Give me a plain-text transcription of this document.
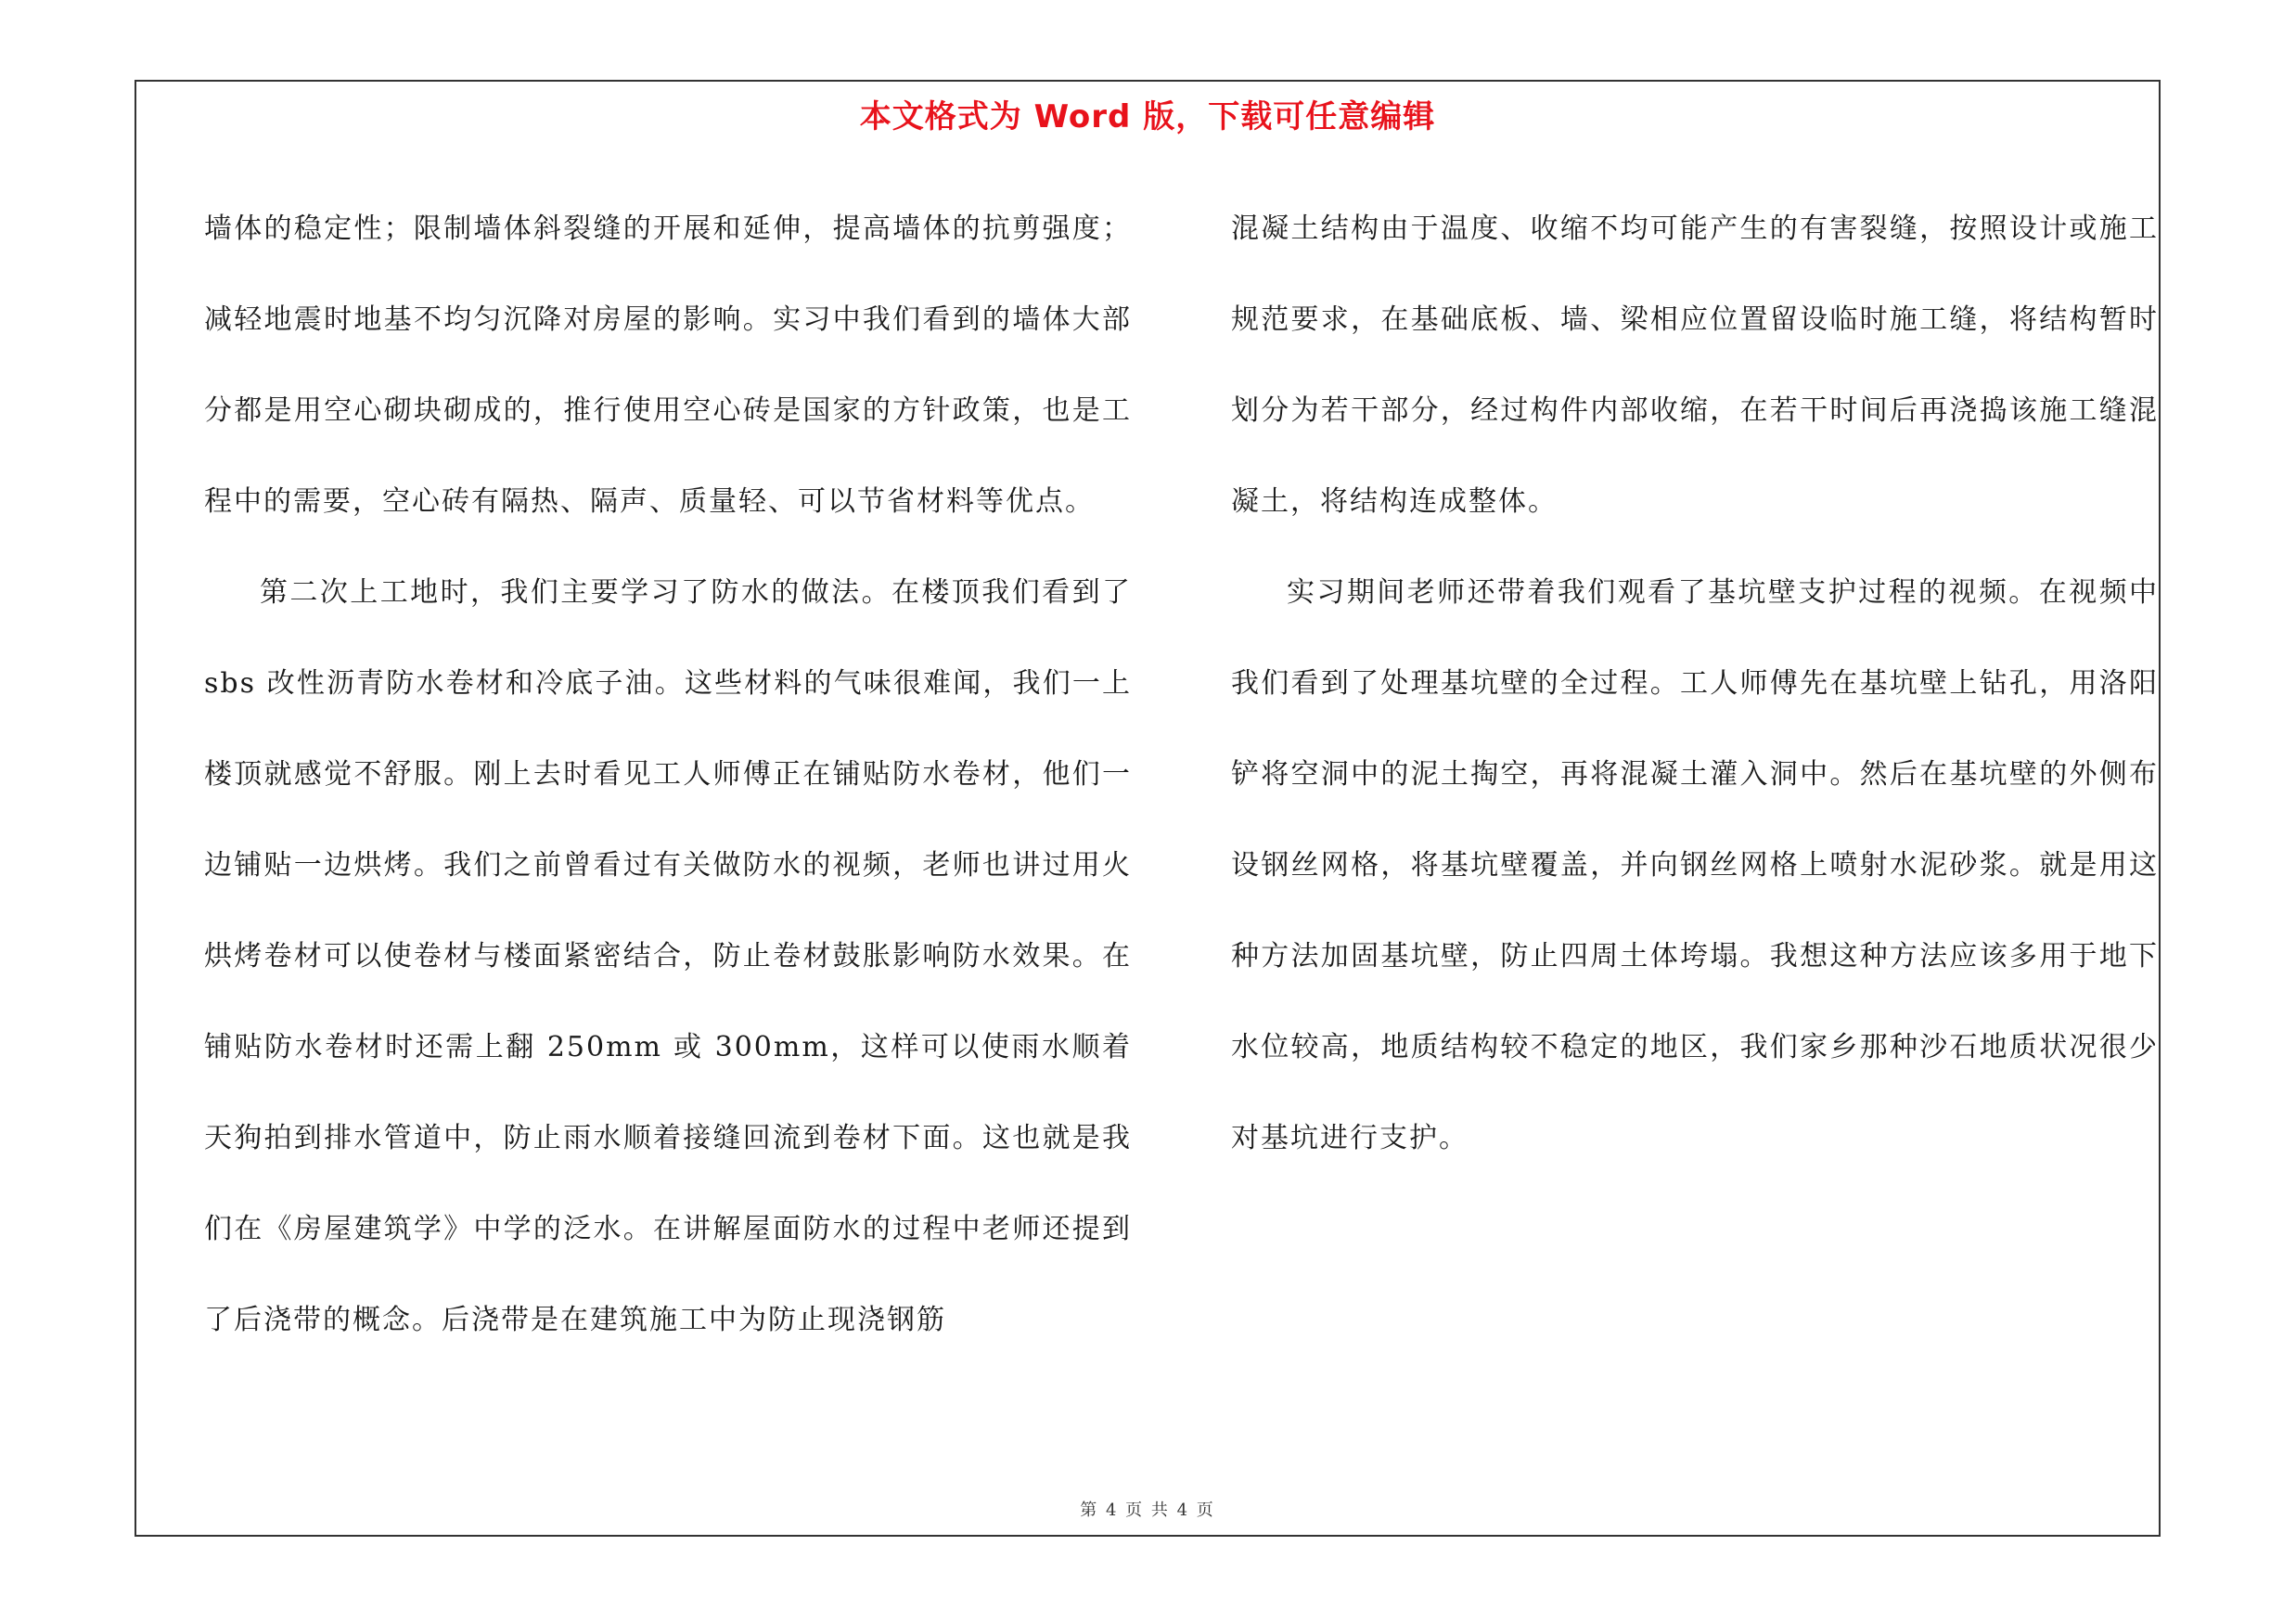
本文格式为 Word 版，下载可任意编辑

墙体的稳定性；限制墙体斜裂缝的开展和延伸，提高墙体的抗剪强度；减轻地震时地基不均匀沉降对房屋的影响。实习中我们看到的墙体大部分都是用空心砌块砌成的，推行使用空心砖是国家的方针政策，也是工程中的需要，空心砖有隔热、隔声、质量轻、可以节省材料等优点。

第二次上工地时，我们主要学习了防水的做法。在楼顶我们看到了 sbs 改性沥青防水卷材和冷底子油。这些材料的气味很难闻，我们一上楼顶就感觉不舒服。刚上去时看见工人师傅正在铺贴防水卷材，他们一边铺贴一边烘烤。我们之前曾看过有关做防水的视频，老师也讲过用火烘烤卷材可以使卷材与楼面紧密结合，防止卷材鼓胀影响防水效果。在铺贴防水卷材时还需上翻 250mm 或 300mm，这样可以使雨水顺着天狗拍到排水管道中，防止雨水顺着接缝回流到卷材下面。这也就是我们在《房屋建筑学》中学的泛水。在讲解屋面防水的过程中老师还提到了后浇带的概念。后浇带是在建筑施工中为防止现浇钢筋

混凝土结构由于温度、收缩不均可能产生的有害裂缝，按照设计或施工规范要求，在基础底板、墙、梁相应位置留设临时施工缝，将结构暂时划分为若干部分，经过构件内部收缩，在若干时间后再浇捣该施工缝混凝土，将结构连成整体。

实习期间老师还带着我们观看了基坑壁支护过程的视频。在视频中我们看到了处理基坑壁的全过程。工人师傅先在基坑壁上钻孔，用洛阳铲将空洞中的泥土掏空，再将混凝土灌入洞中。然后在基坑壁的外侧布设钢丝网格，将基坑壁覆盖，并向钢丝网格上喷射水泥砂浆。就是用这种方法加固基坑壁，防止四周土体垮塌。我想这种方法应该多用于地下水位较高，地质结构较不稳定的地区，我们家乡那种沙石地质状况很少对基坑进行支护。

第 4 页 共 4 页
